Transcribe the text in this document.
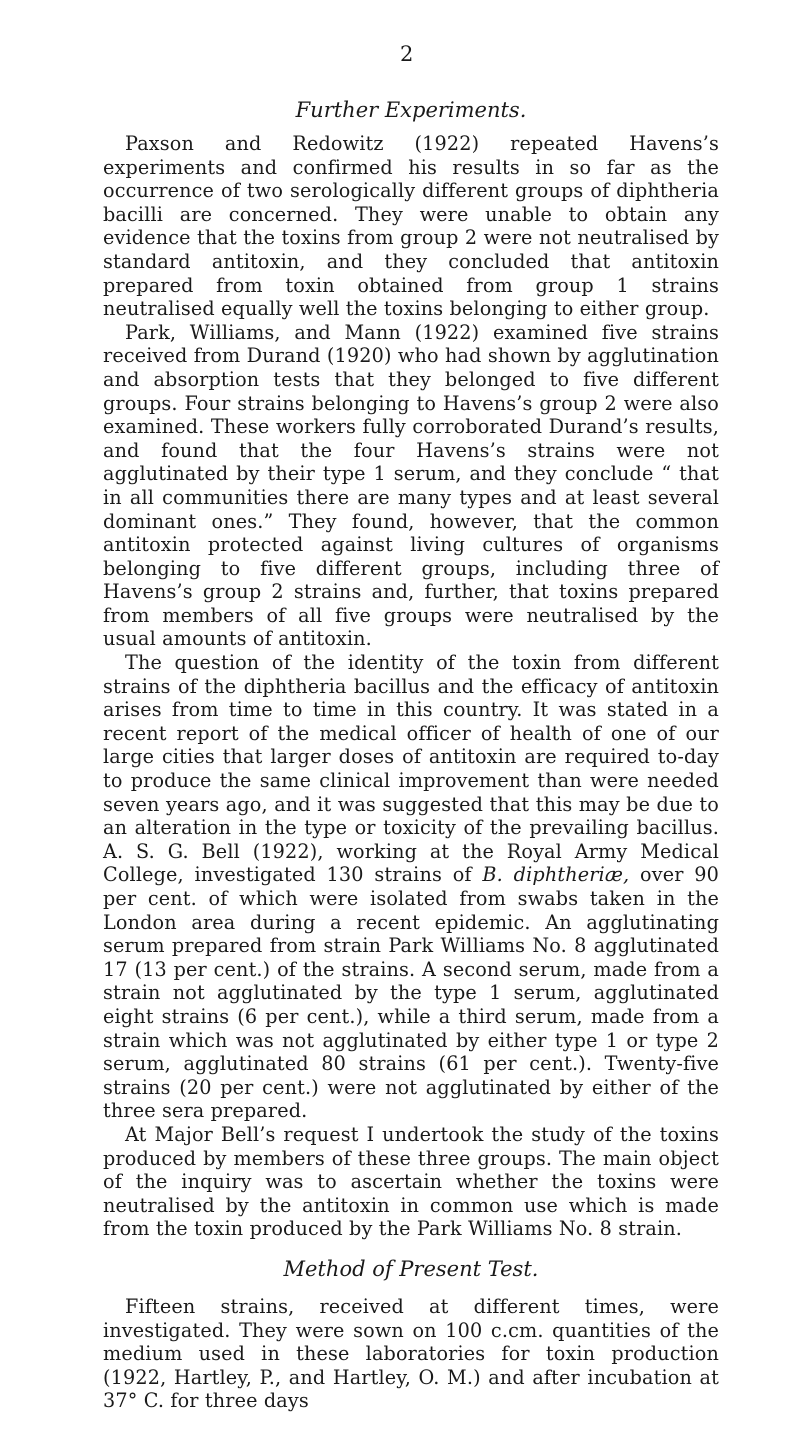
2
Further Experiments.

Paxson and Redowitz (1922) repeated Havens’s experiments and confirmed his results in so far as the occurrence of two serologically different groups of diphtheria bacilli are concerned. They were unable to obtain any evidence that the toxins from group 2 were not neutralised by standard antitoxin, and they concluded that antitoxin prepared from toxin obtained from group 1 strains neutralised equally well the toxins belonging to either group.

Park, Williams, and Mann (1922) examined five strains received from Durand (1920) who had shown by agglutination and absorption tests that they belonged to five different groups. Four strains belonging to Havens’s group 2 were also examined. These workers fully corroborated Durand’s results, and found that the four Havens’s strains were not agglutinated by their type 1 serum, and they conclude “ that in all communities there are many types and at least several dominant ones.” They found, however, that the common antitoxin protected against living cultures of organisms belonging to five different groups, including three of Havens’s group 2 strains and, further, that toxins prepared from members of all five groups were neutralised by the usual amounts of antitoxin.

The question of the identity of the toxin from different strains of the diphtheria bacillus and the efficacy of antitoxin arises from time to time in this country. It was stated in a recent report of the medical officer of health of one of our large cities that larger doses of antitoxin are required to-day to produce the same clinical improvement than were needed seven years ago, and it was suggested that this may be due to an alteration in the type or toxicity of the prevailing bacillus. A. S. G. Bell (1922), working at the Royal Army Medical College, investigated 130 strains of B. diphtheriæ, over 90 per cent. of which were isolated from swabs taken in the London area during a recent epidemic. An agglutinating serum prepared from strain Park Williams No. 8 agglutinated 17 (13 per cent.) of the strains. A second serum, made from a strain not agglutinated by the type 1 serum, agglutinated eight strains (6 per cent.), while a third serum, made from a strain which was not agglutinated by either type 1 or type 2 serum, agglutinated 80 strains (61 per cent.). Twenty-five strains (20 per cent.) were not agglutinated by either of the three sera prepared.

At Major Bell’s request I undertook the study of the toxins produced by members of these three groups. The main object of the inquiry was to ascertain whether the toxins were neutralised by the antitoxin in common use which is made from the toxin produced by the Park Williams No. 8 strain.

Method of Present Test.

Fifteen strains, received at different times, were investigated. They were sown on 100 c.cm. quantities of the medium used in these laboratories for toxin production (1922, Hartley, P., and Hartley, O. M.) and after incubation at 37° C. for three days
